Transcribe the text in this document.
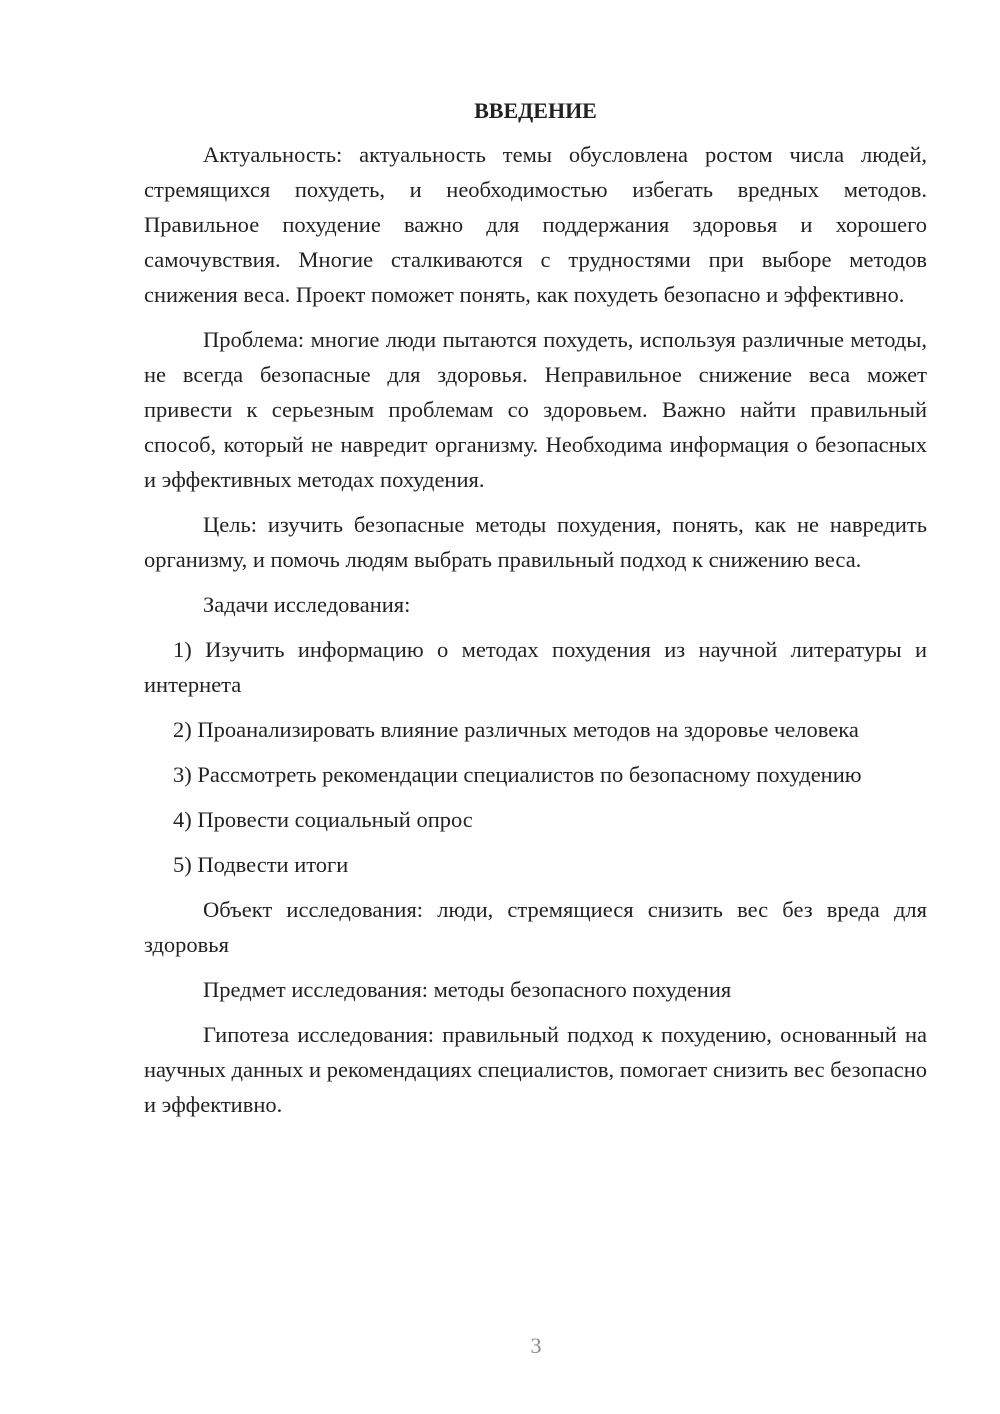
ВВЕДЕНИЕ

Актуальность: актуальность темы обусловлена ростом числа людей, стремящихся похудеть, и необходимостью избегать вредных методов. Правильное похудение важно для поддержания здоровья и хорошего самочувствия. Многие сталкиваются с трудностями при выборе методов снижения веса. Проект поможет понять, как похудеть безопасно и эффективно.

Проблема: многие люди пытаются похудеть, используя различные методы, не всегда безопасные для здоровья. Неправильное снижение веса может привести к серьезным проблемам со здоровьем. Важно найти правильный способ, который не навредит организму. Необходима информация о безопасных и эффективных методах похудения.

Цель: изучить безопасные методы похудения, понять, как не навредить организму, и помочь людям выбрать правильный подход к снижению веса.

Задачи исследования:

1) Изучить информацию о методах похудения из научной литературы и интернета

2) Проанализировать влияние различных методов на здоровье человека

3) Рассмотреть рекомендации специалистов по безопасному похудению

4) Провести социальный опрос

5) Подвести итоги

Объект исследования: люди, стремящиеся снизить вес без вреда для здоровья

Предмет исследования: методы безопасного похудения

Гипотеза исследования: правильный подход к похудению, основанный на научных данных и рекомендациях специалистов, помогает снизить вес безопасно и эффективно.

3
